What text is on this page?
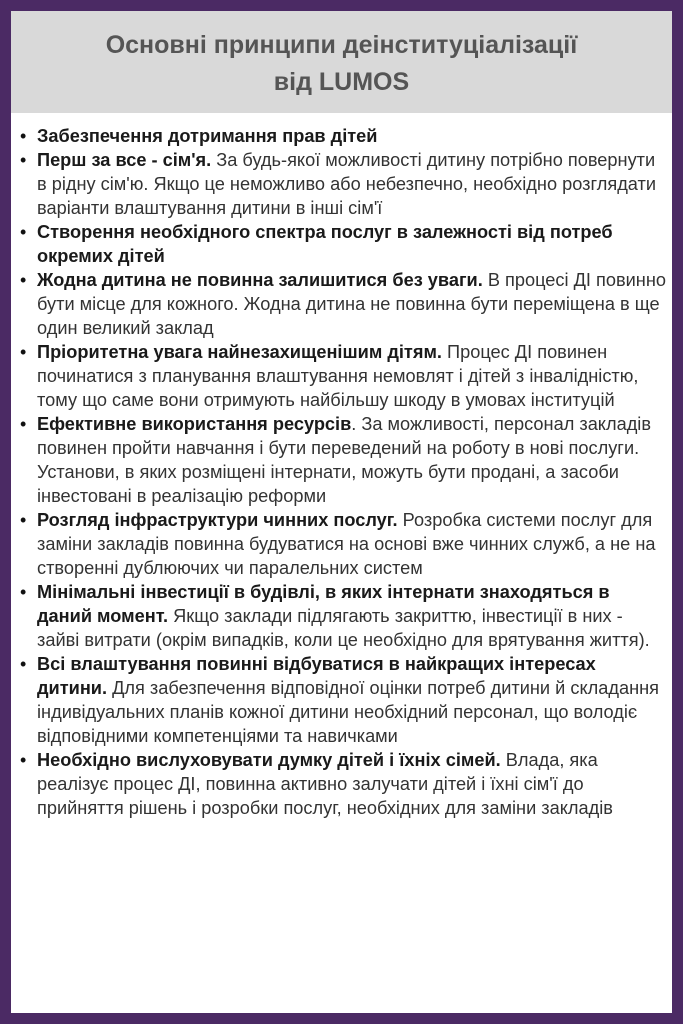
Основні принципи деінституціалізації
від LUMOS
• Забезпечення дотримання прав дітей
• Перш за все - сім'я. За будь-якої можливості дитину потрібно повернути в рідну сім'ю. Якщо це неможливо або небезпечно, необхідно розглядати варіанти влаштування дитини в інші сім'ї
• Створення необхідного спектра послуг в залежності від потреб окремих дітей
• Жодна дитина не повинна залишитися без уваги. В процесі ДІ повинно бути місце для кожного. Жодна дитина не повинна бути переміщена в ще один великий заклад
• Пріоритетна увага найнезахищенішим дітям. Процес ДІ повинен починатися з планування влаштування немовлят і дітей з інвалідністю, тому що саме вони отримують найбільшу шкоду в умовах інституцій
• Ефективне використання ресурсів. За можливості, персонал закладів повинен пройти навчання і бути переведений на роботу в нові послуги. Установи, в яких розміщені інтернати, можуть бути продані, а засоби інвестовані в реалізацію реформи
• Розгляд інфраструктури чинних послуг. Розробка системи послуг для заміни закладів повинна будуватися на основі вже чинних служб, а не на створенні дублюючих чи паралельних систем
• Мінімальні інвестиції в будівлі, в яких інтернати знаходяться в даний момент. Якщо заклади підлягають закриттю, інвестиції в них - зайві витрати (окрім випадків, коли це необхідно для врятування життя).
• Всі влаштування повинні відбуватися в найкращих інтересах дитини. Для забезпечення відповідної оцінки потреб дитини й складання індивідуальних планів кожної дитини необхідний персонал, що володіє відповідними компетенціями та навичками
• Необхідно вислуховувати думку дітей і їхніх сімей. Влада, яка реалізує процес ДІ, повинна активно залучати дітей і їхні сім'ї до прийняття рішень і розробки послуг, необхідних для заміни закладів
